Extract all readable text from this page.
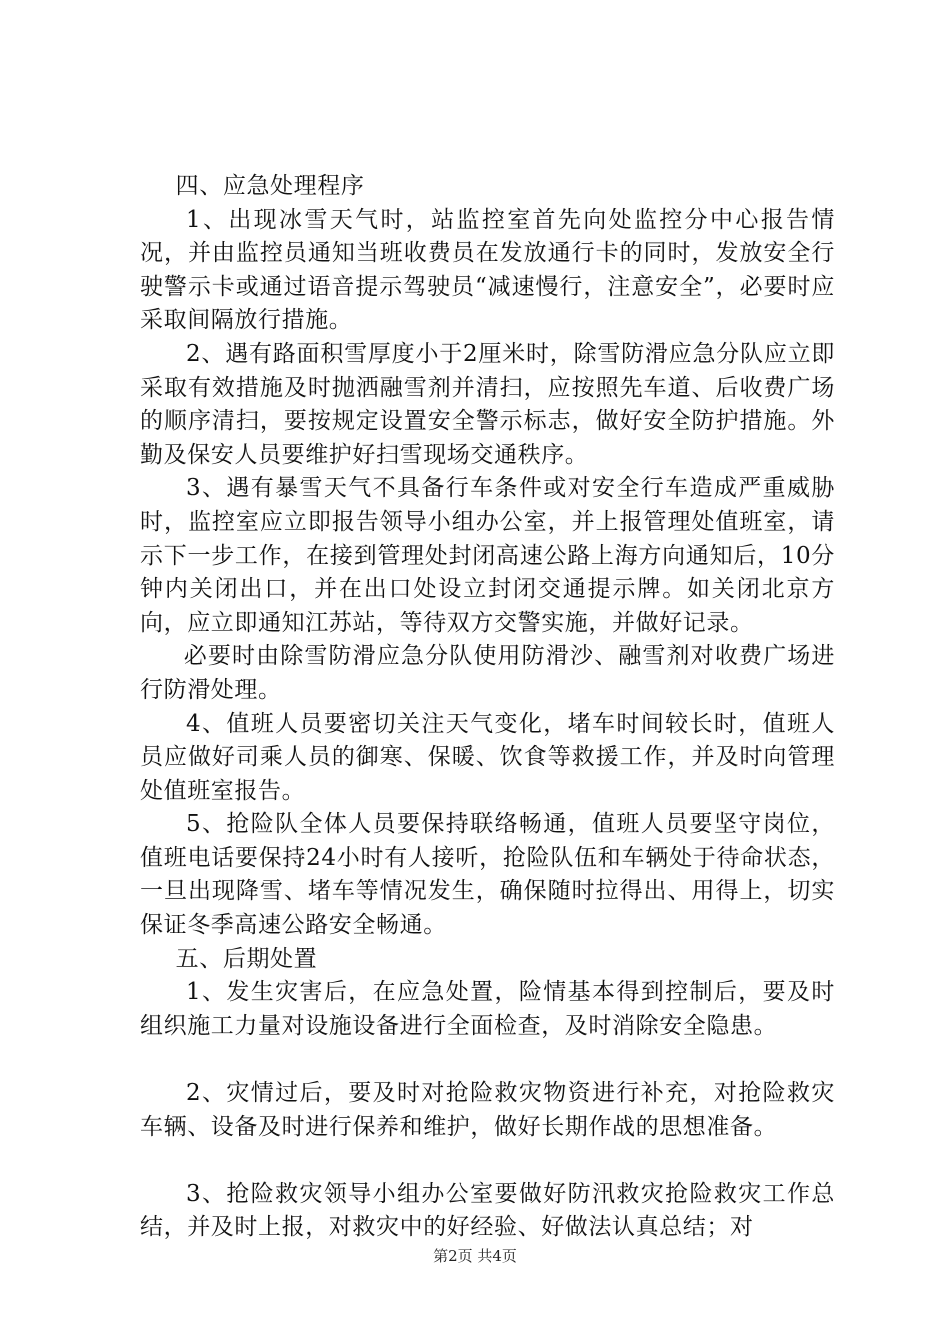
四、应急处理程序

1、出现冰雪天气时，站监控室首先向处监控分中心报告情况，并由监控员通知当班收费员在发放通行卡的同时，发放安全行驶警示卡或通过语音提示驾驶员“减速慢行，注意安全”，必要时应采取间隔放行措施。

2、遇有路面积雪厚度小于2厘米时，除雪防滑应急分队应立即采取有效措施及时抛洒融雪剂并清扫，应按照先车道、后收费广场的顺序清扫，要按规定设置安全警示标志，做好安全防护措施。外勤及保安人员要维护好扫雪现场交通秩序。

3、遇有暴雪天气不具备行车条件或对安全行车造成严重威胁时，监控室应立即报告领导小组办公室，并上报管理处值班室，请示下一步工作，在接到管理处封闭高速公路上海方向通知后，10分钟内关闭出口，并在出口处设立封闭交通提示牌。如关闭北京方向，应立即通知江苏站，等待双方交警实施，并做好记录。

必要时由除雪防滑应急分队使用防滑沙、融雪剂对收费广场进行防滑处理。

4、值班人员要密切关注天气变化，堵车时间较长时，值班人员应做好司乘人员的御寒、保暖、饮食等救援工作，并及时向管理处值班室报告。

5、抢险队全体人员要保持联络畅通，值班人员要坚守岗位，值班电话要保持24小时有人接听，抢险队伍和车辆处于待命状态，一旦出现降雪、堵车等情况发生，确保随时拉得出、用得上，切实保证冬季高速公路安全畅通。

五、后期处置

1、发生灾害后，在应急处置，险情基本得到控制后，要及时组织施工力量对设施设备进行全面检查，及时消除安全隐患。

2、灾情过后，要及时对抢险救灾物资进行补充，对抢险救灾车辆、设备及时进行保养和维护，做好长期作战的思想准备。

3、抢险救灾领导小组办公室要做好防汛救灾抢险救灾工作总结，并及时上报，对救灾中的好经验、好做法认真总结；对

第2页 共4页
